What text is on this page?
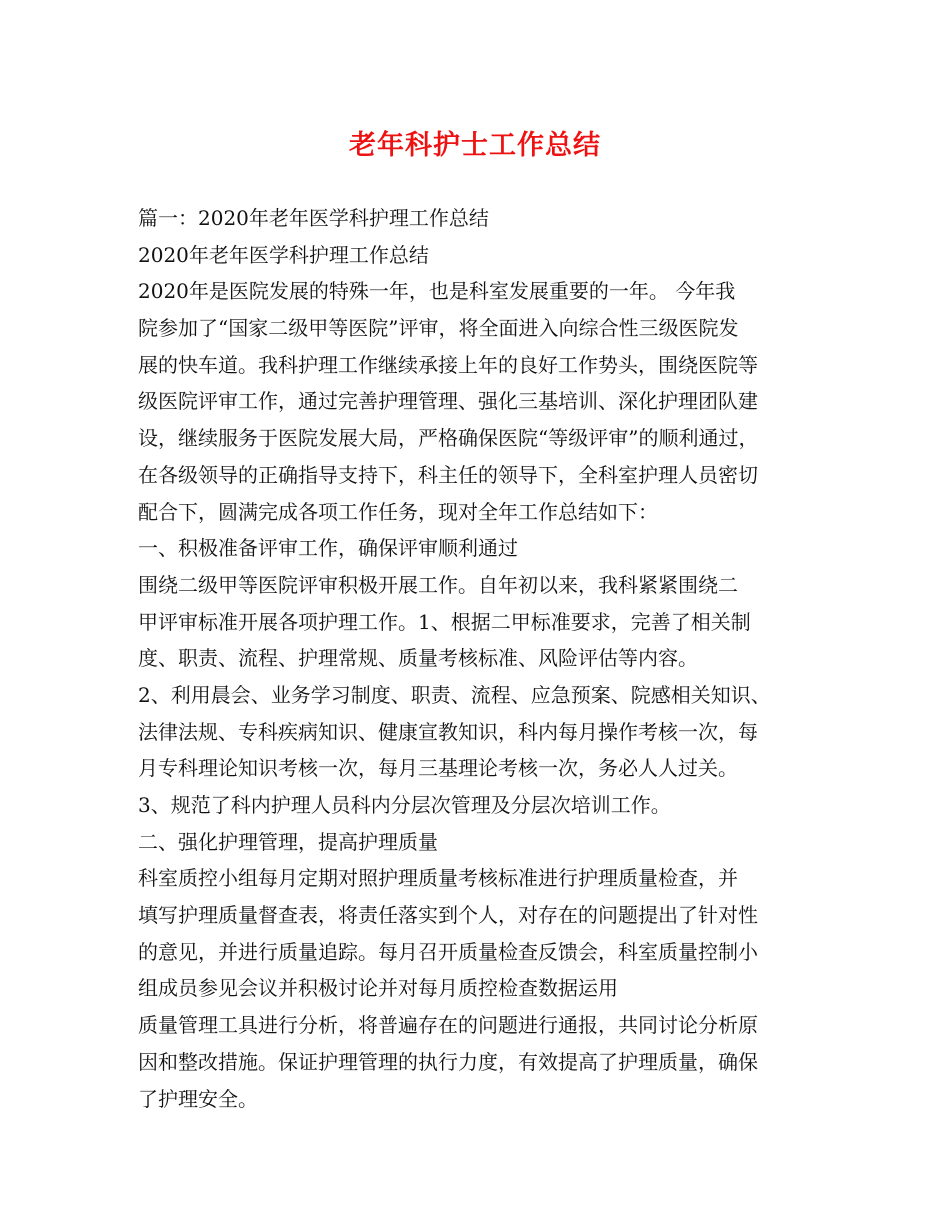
老年科护士工作总结
篇一：2020年老年医学科护理工作总结
2020年老年医学科护理工作总结
2020年是医院发展的特殊一年，也是科室发展重要的一年。 今年我
院参加了“国家二级甲等医院”评审，将全面进入向综合性三级医院发
展的快车道。我科护理工作继续承接上年的良好工作势头，围绕医院等
级医院评审工作，通过完善护理管理、强化三基培训、深化护理团队建
设，继续服务于医院发展大局，严格确保医院“等级评审”的顺利通过，
在各级领导的正确指导支持下，科主任的领导下，全科室护理人员密切
配合下，圆满完成各项工作任务，现对全年工作总结如下：
一、积极准备评审工作，确保评审顺利通过
围绕二级甲等医院评审积极开展工作。自年初以来，我科紧紧围绕二
甲评审标准开展各项护理工作。1、根据二甲标准要求，完善了相关制
度、职责、流程、护理常规、质量考核标准、风险评估等内容。
2、利用晨会、业务学习制度、职责、流程、应急预案、院感相关知识、
法律法规、专科疾病知识、健康宣教知识，科内每月操作考核一次，每
月专科理论知识考核一次，每月三基理论考核一次，务必人人过关。
3、规范了科内护理人员科内分层次管理及分层次培训工作。
二、强化护理管理，提高护理质量
科室质控小组每月定期对照护理质量考核标准进行护理质量检查，并
填写护理质量督查表，将责任落实到个人，对存在的问题提出了针对性
的意见，并进行质量追踪。每月召开质量检查反馈会，科室质量控制小
组成员参见会议并积极讨论并对每月质控检查数据运用
质量管理工具进行分析，将普遍存在的问题进行通报，共同讨论分析原
因和整改措施。保证护理管理的执行力度，有效提高了护理质量，确保
了护理安全。
